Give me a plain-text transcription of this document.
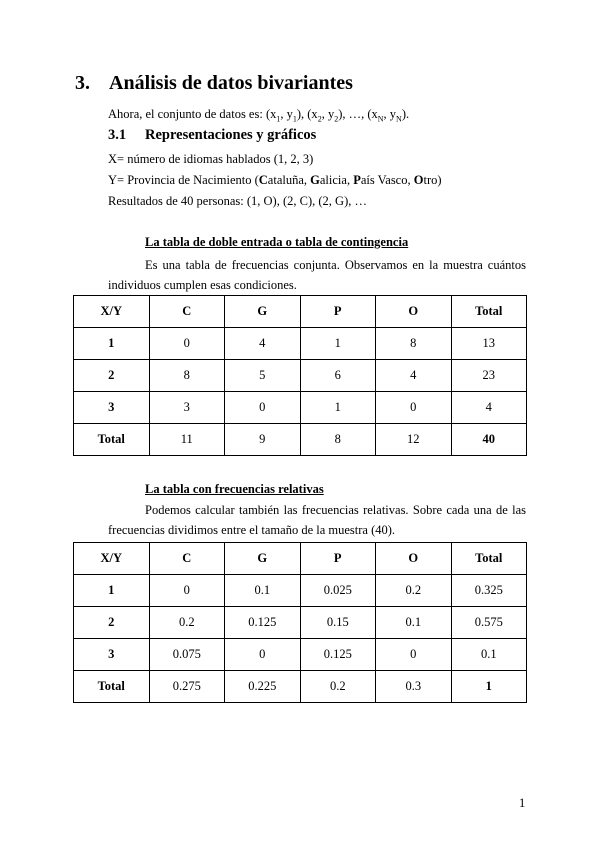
3. Análisis de datos bivariantes
Ahora, el conjunto de datos es: ($x_1$, $y_1$), ($x_2$, $y_2$), …, ($x_N$, $y_N$).
3.1 Representaciones y gráficos
X= número de idiomas hablados (1, 2, 3)
Y= Provincia de Nacimiento (Cataluña, Galicia, País Vasco, Otro)
Resultados de 40 personas: (1, O), (2, C), (2, G), …
La tabla de doble entrada o tabla de contingencia
Es una tabla de frecuencias conjunta. Observamos en la muestra cuántos
individuos cumplen esas condiciones.
X/Y	C	G	P	O	Total
1	0	4	1	8	13
2	8	5	6	4	23
3	3	0	1	0	4
Total	11	9	8	12	40
La tabla con frecuencias relativas
Podemos calcular también las frecuencias relativas. Sobre cada una de las
frecuencias dividimos entre el tamaño de la muestra (40).
X/Y	C	G	P	O	Total
1	0	0.1	0.025	0.2	0.325
2	0.2	0.125	0.15	0.1	0.575
3	0.075	0	0.125	0	0.1
Total	0.275	0.225	0.2	0.3	1
1
